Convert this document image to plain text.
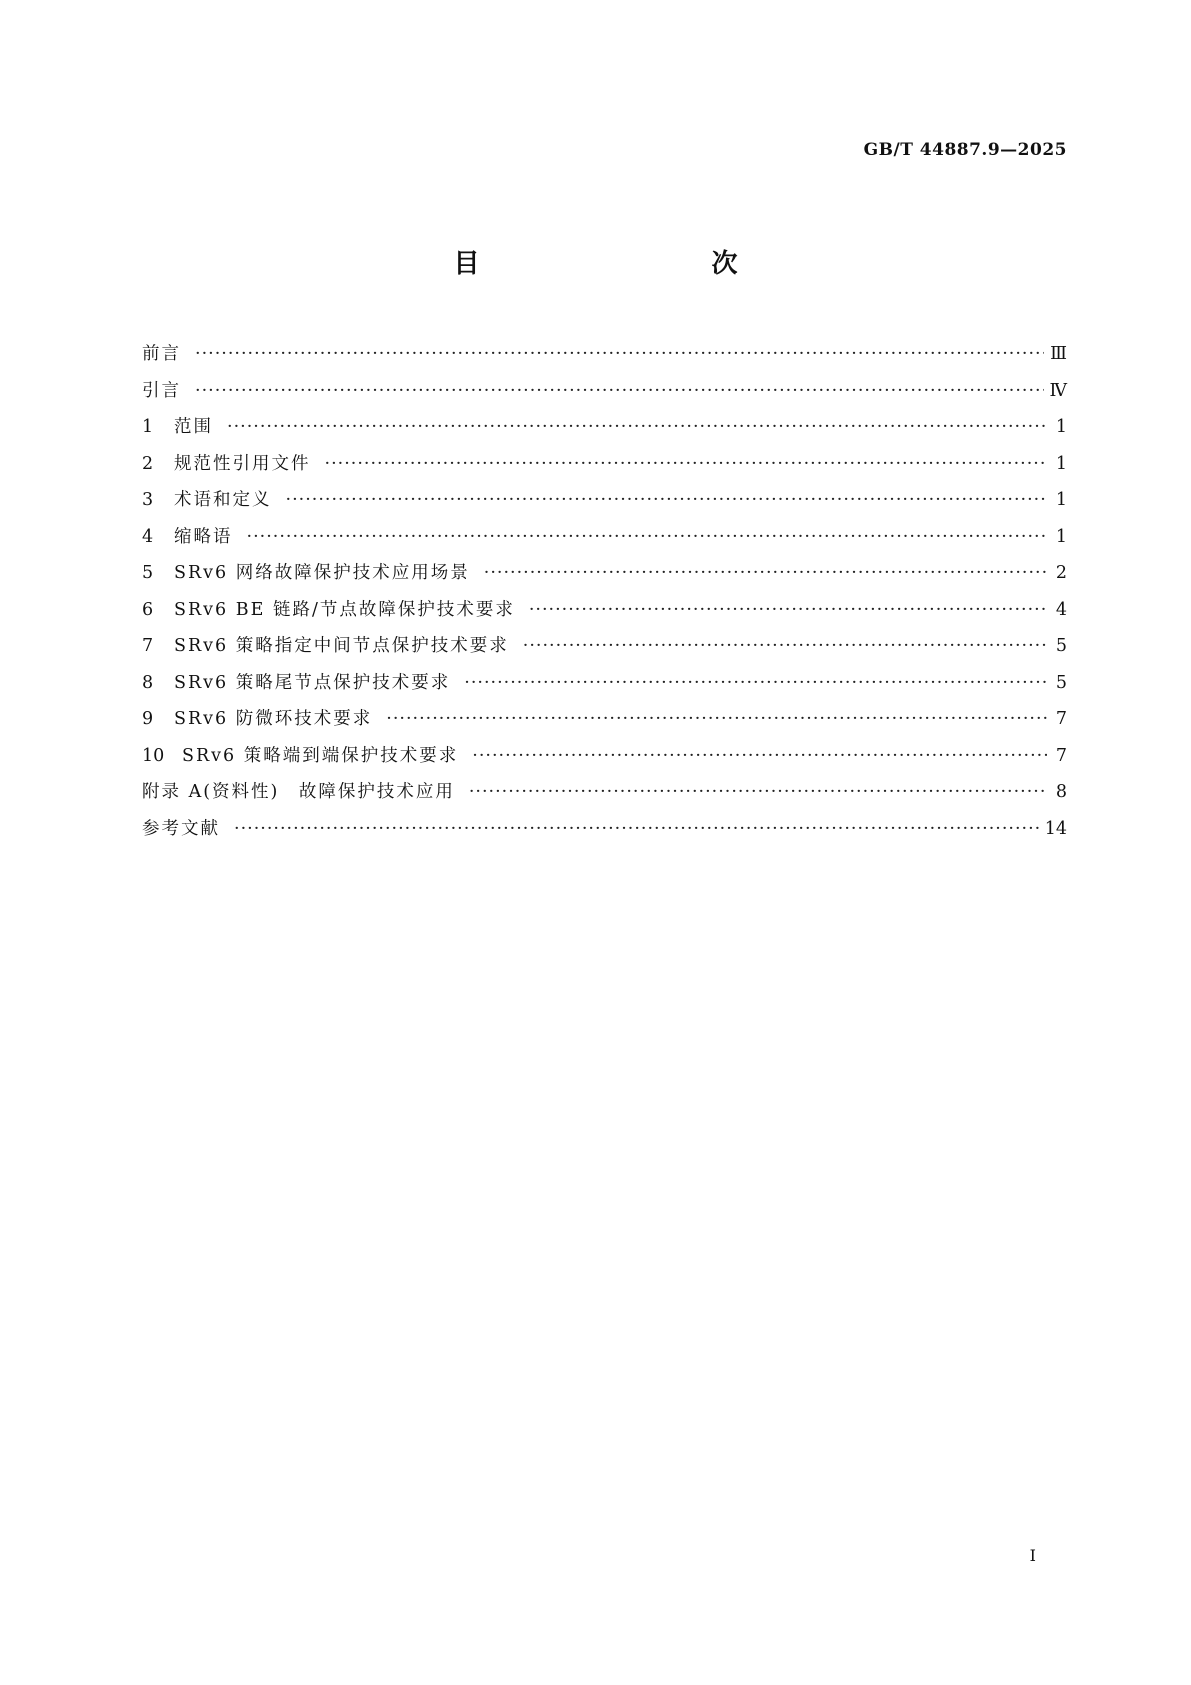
GB/T 44887.9—2025
目　　次
前言 ·····	Ⅲ
引言 ·····	Ⅳ
1	范围 ·····	1
2	规范性引用文件 ·····	1
3	术语和定义 ·····	1
4	缩略语 ·····	1
5	SRv6 网络故障保护技术应用场景 ·····	2
6	SRv6 BE 链路/节点故障保护技术要求 ·····	4
7	SRv6 策略指定中间节点保护技术要求 ·····	5
8	SRv6 策略尾节点保护技术要求 ·····	5
9	SRv6 防微环技术要求 ·····	7
10	SRv6 策略端到端保护技术要求 ·····	7
附录 A(资料性)　故障保护技术应用 ·····	8
参考文献 ·····	14
Ⅰ
